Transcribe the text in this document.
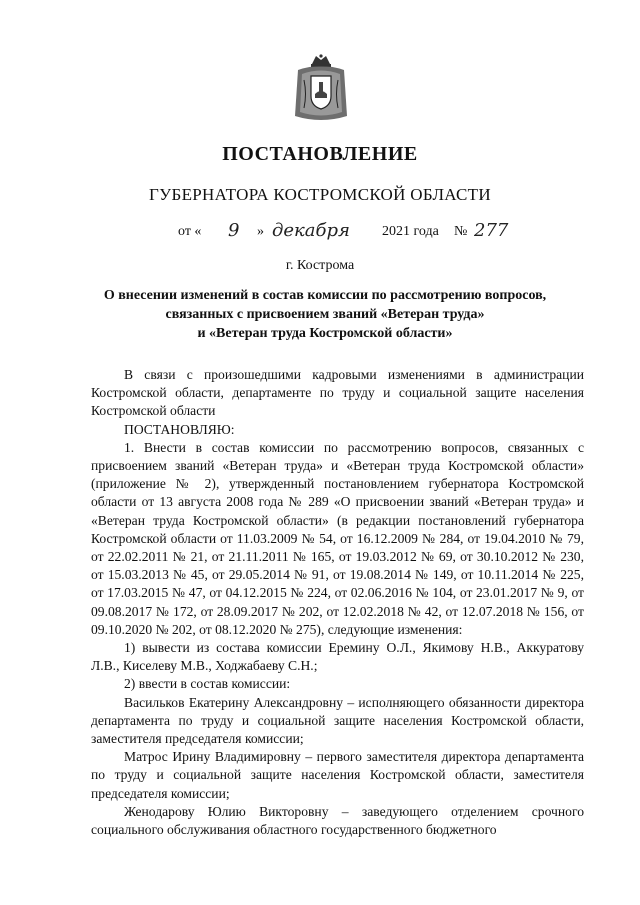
ПОСТАНОВЛЕНИЕ
ГУБЕРНАТОРА КОСТРОМСКОЙ ОБЛАСТИ
от « 9 » декабря 2021 года № 277
г. Кострома
О внесении изменений в состав комиссии по рассмотрению вопросов,
связанных с присвоением званий «Ветеран труда»
и «Ветеран труда Костромской области»

В связи с произошедшими кадровыми изменениями в администрации Костромской области, департаменте по труду и социальной защите населения Костромской области

ПОСТАНОВЛЯЮ:

1. Внести в состав комиссии по рассмотрению вопросов, связанных с присвоением званий «Ветеран труда» и «Ветеран труда Костромской области» (приложение № 2), утвержденный постановлением губернатора Костромской области от 13 августа 2008 года № 289 «О присвоении званий «Ветеран труда» и «Ветеран труда Костромской области» (в редакции постановлений губернатора Костромской области от 11.03.2009 № 54, от 16.12.2009 № 284, от 19.04.2010 № 79, от 22.02.2011 № 21, от 21.11.2011 № 165, от 19.03.2012 № 69, от 30.10.2012 № 230, от 15.03.2013 № 45, от 29.05.2014 № 91, от 19.08.2014 № 149, от 10.11.2014 № 225, от 17.03.2015 № 47, от 04.12.2015 № 224, от 02.06.2016 № 104, от 23.01.2017 № 9, от 09.08.2017 № 172, от 28.09.2017 № 202, от 12.02.2018 № 42, от 12.07.2018 № 156, от 09.10.2020 № 202, от 08.12.2020 № 275), следующие изменения:

1) вывести из состава комиссии Еремину О.Л., Якимову Н.В., Аккуратову Л.В., Киселеву М.В., Ходжабаеву С.Н.;

2) ввести в состав комиссии:

Васильков Екатерину Александровну – исполняющего обязанности директора департамента по труду и социальной защите населения Костромской области, заместителя председателя комиссии;

Матрос Ирину Владимировну – первого заместителя директора департамента по труду и социальной защите населения Костромской области, заместителя председателя комиссии;

Женодарову Юлию Викторовну – заведующего отделением срочного социального обслуживания областного государственного бюджетного
